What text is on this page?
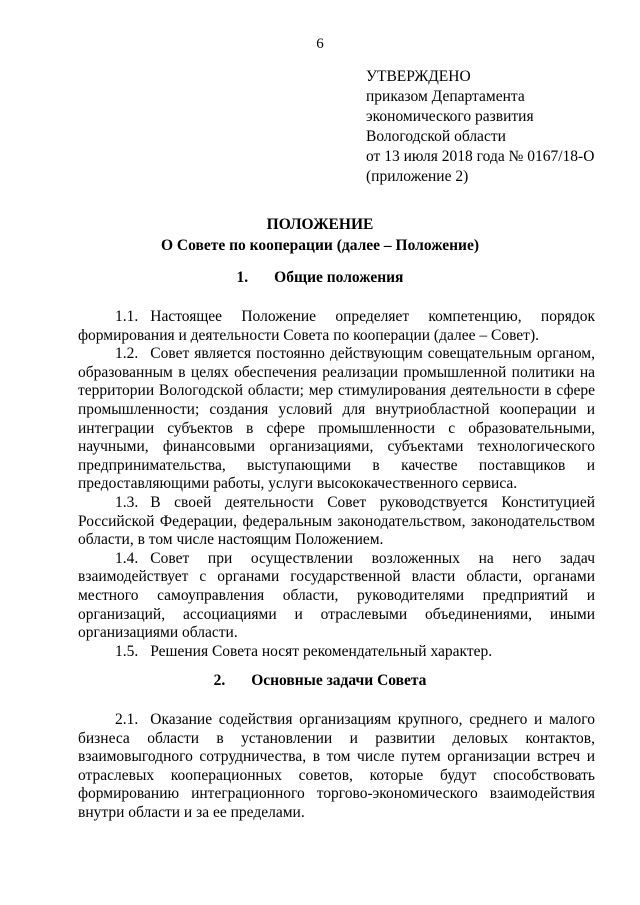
6
УТВЕРЖДЕНО
приказом Департамента
экономического развития
Вологодской области
от 13 июля 2018 года № 0167/18-О
(приложение 2)
ПОЛОЖЕНИЕ
О Совете по кооперации (далее – Положение)
1. Общие положения

1.1. Настоящее Положение определяет компетенцию, порядок формирования и деятельности Совета по кооперации (далее – Совет).

1.2. Совет является постоянно действующим совещательным органом, образованным в целях обеспечения реализации промышленной политики на территории Вологодской области; мер стимулирования деятельности в сфере промышленности; создания условий для внутриобластной кооперации и интеграции субъектов в сфере промышленности с образовательными, научными, финансовыми организациями, субъектами технологического предпринимательства, выступающими в качестве поставщиков и предоставляющими работы, услуги высококачественного сервиса.

1.3. В своей деятельности Совет руководствуется Конституцией Российской Федерации, федеральным законодательством, законодательством области, в том числе настоящим Положением.

1.4. Совет при осуществлении возложенных на него задач взаимодействует с органами государственной власти области, органами местного самоуправления области, руководителями предприятий и организаций, ассоциациями и отраслевыми объединениями, иными организациями области.

1.5. Решения Совета носят рекомендательный характер.

2. Основные задачи Совета

2.1. Оказание содействия организациям крупного, среднего и малого бизнеса области в установлении и развитии деловых контактов, взаимовыгодного сотрудничества, в том числе путем организации встреч и отраслевых кооперационных советов, которые будут способствовать формированию интеграционного торгово-экономического взаимодействия внутри области и за ее пределами.
